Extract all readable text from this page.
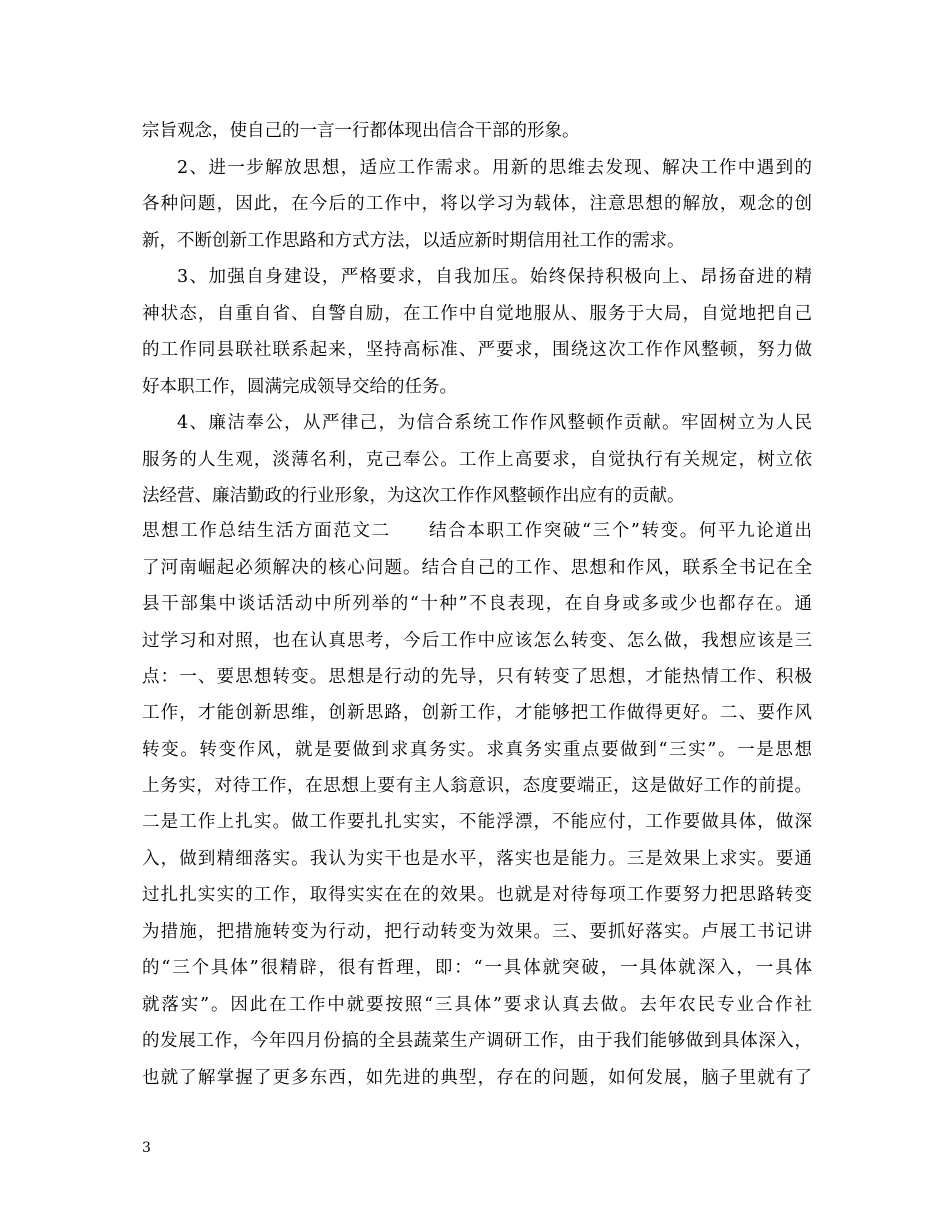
宗旨观念，使自己的一言一行都体现出信合干部的形象。
2、进一步解放思想，适应工作需求。用新的思维去发现、解决工作中遇到的
各种问题，因此，在今后的工作中，将以学习为载体，注意思想的解放，观念的创
新，不断创新工作思路和方式方法，以适应新时期信用社工作的需求。
3、加强自身建设，严格要求，自我加压。始终保持积极向上、昂扬奋进的精
神状态，自重自省、自警自励，在工作中自觉地服从、服务于大局，自觉地把自己
的工作同县联社联系起来，坚持高标准、严要求，围绕这次工作作风整顿，努力做
好本职工作，圆满完成领导交给的任务。
4、廉洁奉公，从严律己，为信合系统工作作风整顿作贡献。牢固树立为人民
服务的人生观，淡薄名利，克己奉公。工作上高要求，自觉执行有关规定，树立依
法经营、廉洁勤政的行业形象，为这次工作作风整顿作出应有的贡献。
思想工作总结生活方面范文二　　结合本职工作突破“三个”转变。何平九论道出
了河南崛起必须解决的核心问题。结合自己的工作、思想和作风，联系全书记在全
县干部集中谈话活动中所列举的“十种”不良表现，在自身或多或少也都存在。通
过学习和对照，也在认真思考，今后工作中应该怎么转变、怎么做，我想应该是三
点：一、要思想转变。思想是行动的先导，只有转变了思想，才能热情工作、积极
工作，才能创新思维，创新思路，创新工作，才能够把工作做得更好。二、要作风
转变。转变作风，就是要做到求真务实。求真务实重点要做到“三实”。一是思想
上务实，对待工作，在思想上要有主人翁意识，态度要端正，这是做好工作的前提。
二是工作上扎实。做工作要扎扎实实，不能浮漂，不能应付，工作要做具体，做深
入，做到精细落实。我认为实干也是水平，落实也是能力。三是效果上求实。要通
过扎扎实实的工作，取得实实在在的效果。也就是对待每项工作要努力把思路转变
为措施，把措施转变为行动，把行动转变为效果。三、要抓好落实。卢展工书记讲
的“三个具体”很精辟，很有哲理，即：“一具体就突破，一具体就深入，一具体
就落实”。因此在工作中就要按照“三具体”要求认真去做。去年农民专业合作社
的发展工作，今年四月份搞的全县蔬菜生产调研工作，由于我们能够做到具体深入，
也就了解掌握了更多东西，如先进的典型，存在的问题，如何发展，脑子里就有了
3
